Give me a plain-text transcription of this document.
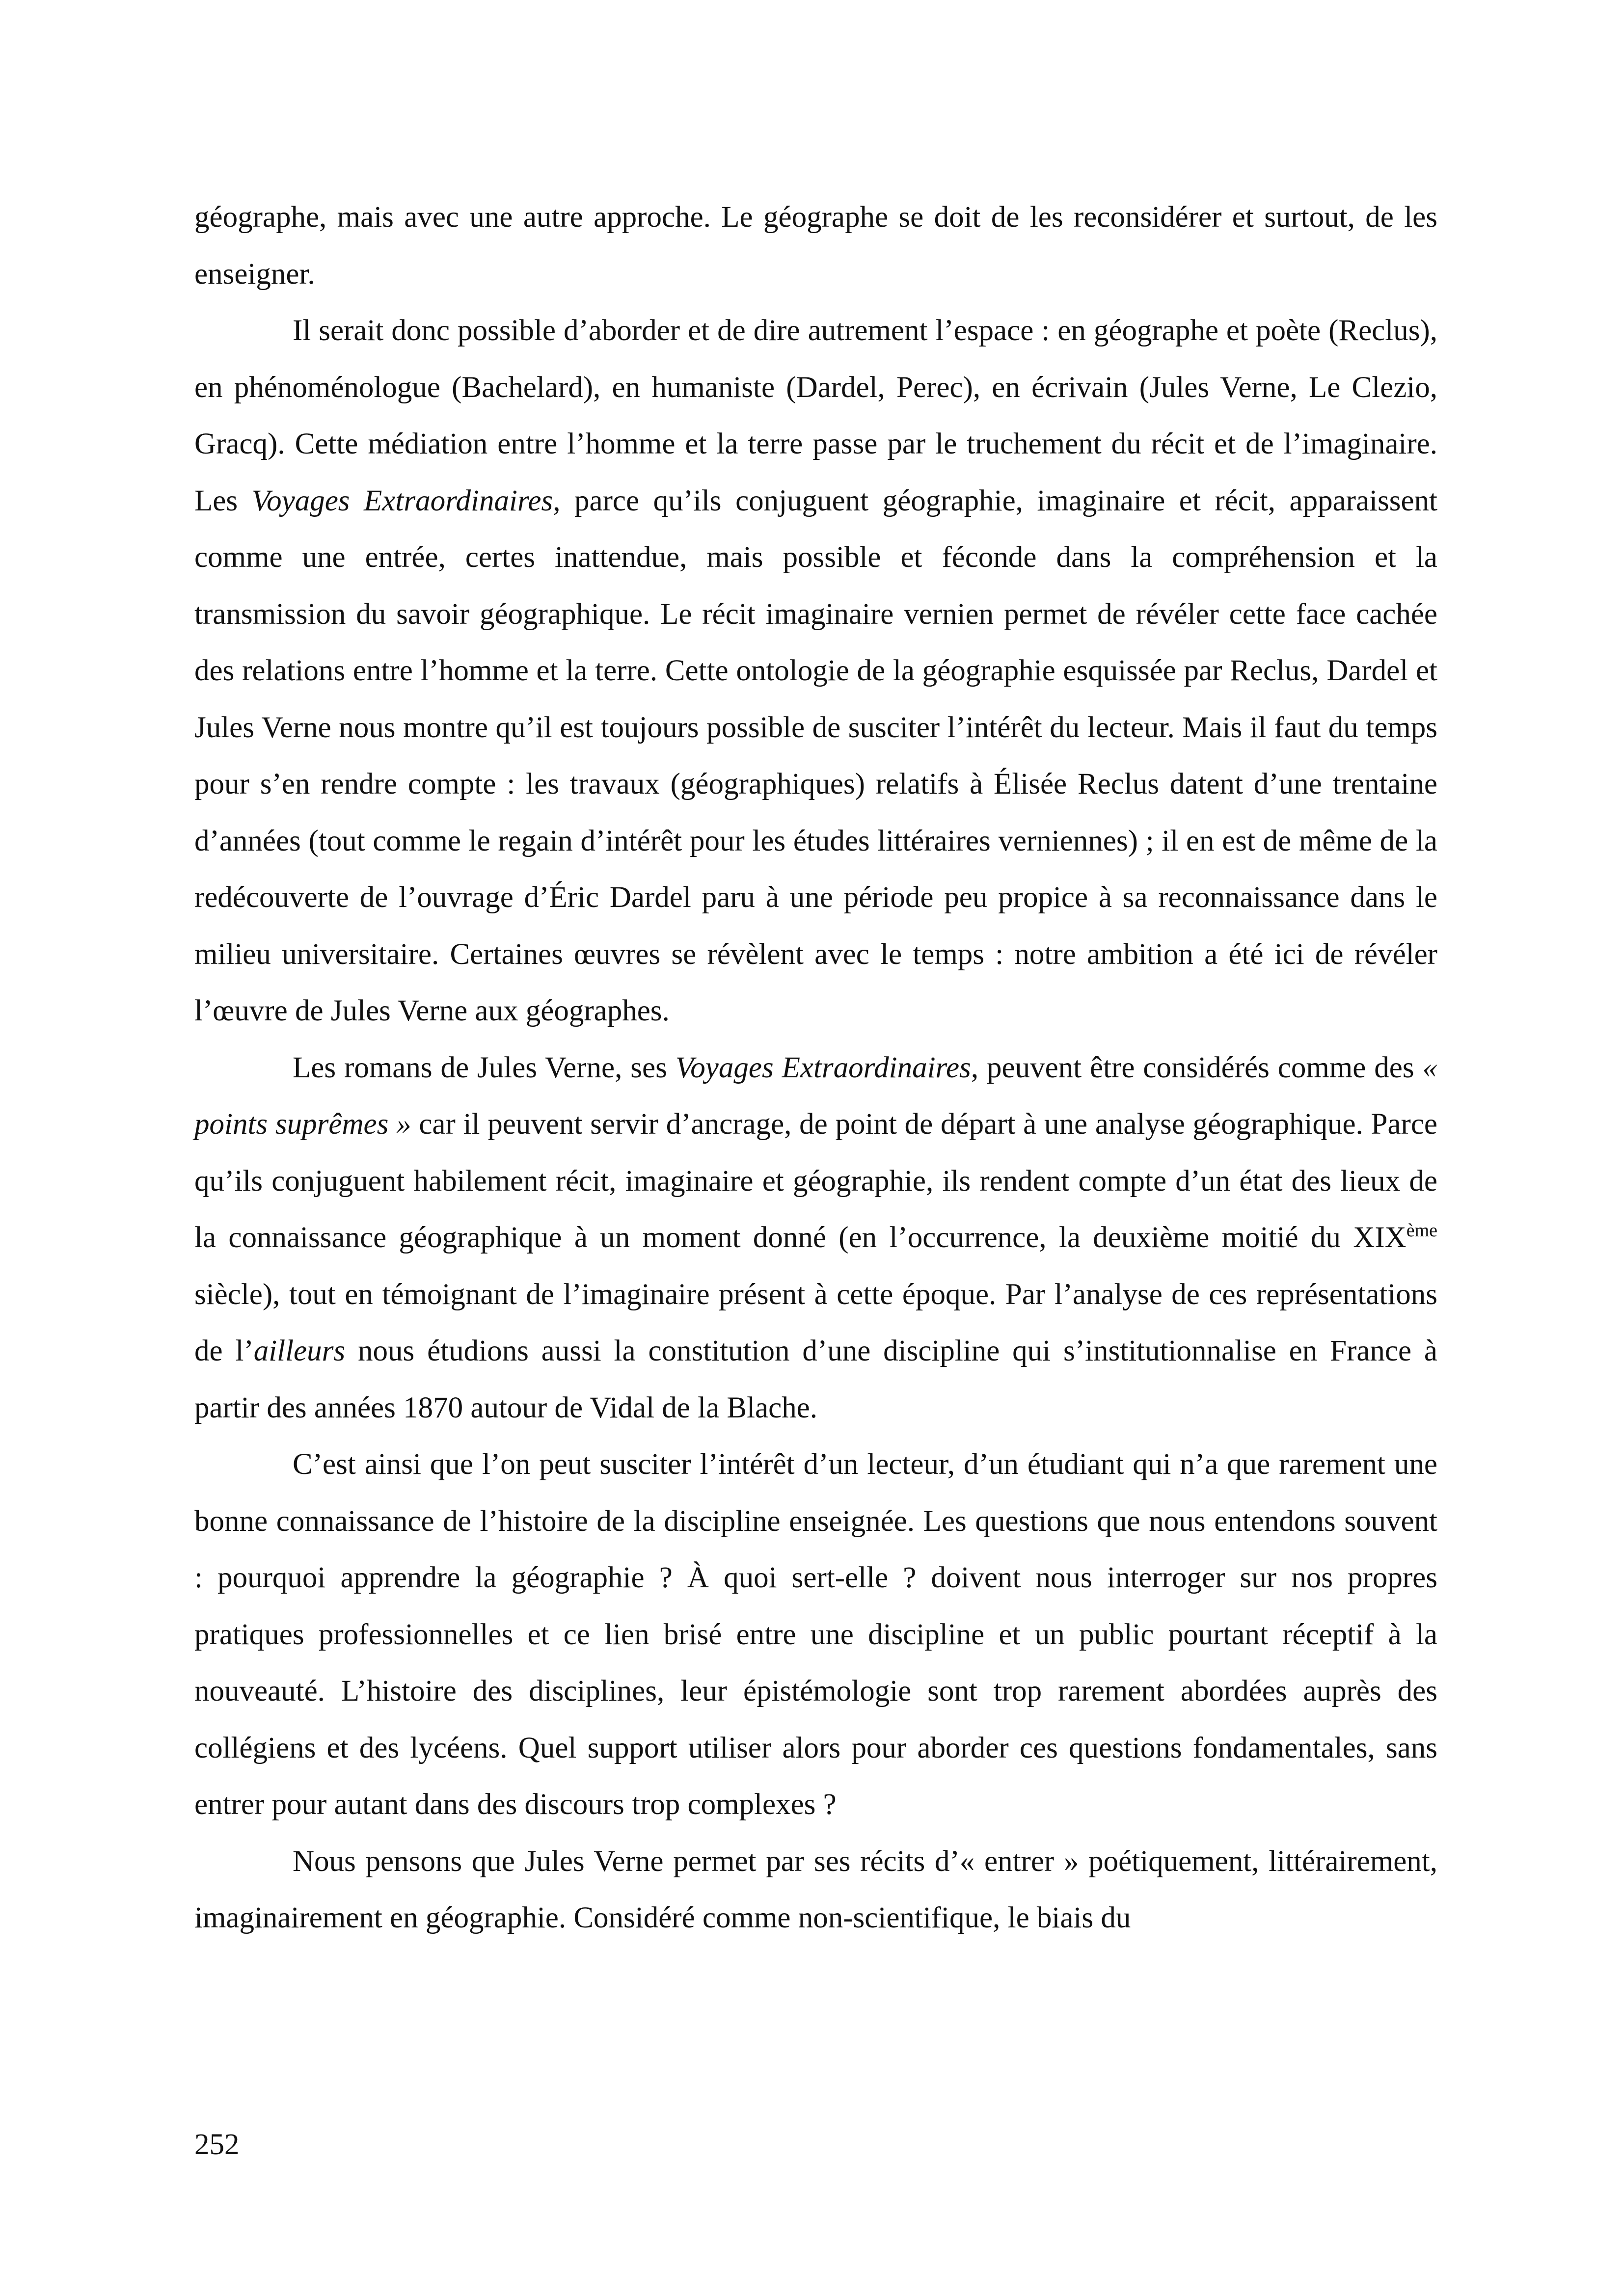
géographe, mais avec une autre approche. Le géographe se doit de les reconsidérer et surtout, de les enseigner.

Il serait donc possible d’aborder et de dire autrement l’espace : en géographe et poète (Reclus), en phénoménologue (Bachelard), en humaniste (Dardel, Perec), en écrivain (Jules Verne, Le Clezio, Gracq). Cette médiation entre l’homme et la terre passe par le truchement du récit et de l’imaginaire. Les Voyages Extraordinaires, parce qu’ils conjuguent géographie, imaginaire et récit, apparaissent comme une entrée, certes inattendue, mais possible et féconde dans la compréhension et la transmission du savoir géographique. Le récit imaginaire vernien permet de révéler cette face cachée des relations entre l’homme et la terre. Cette ontologie de la géographie esquissée par Reclus, Dardel et Jules Verne nous montre qu’il est toujours possible de susciter l’intérêt du lecteur. Mais il faut du temps pour s’en rendre compte : les travaux (géographiques) relatifs à Élisée Reclus datent d’une trentaine d’années (tout comme le regain d’intérêt pour les études littéraires verniennes) ; il en est de même de la redécouverte de l’ouvrage d’Éric Dardel paru à une période peu propice à sa reconnaissance dans le milieu universitaire. Certaines œuvres se révèlent avec le temps : notre ambition a été ici de révéler l’œuvre de Jules Verne aux géographes.

Les romans de Jules Verne, ses Voyages Extraordinaires, peuvent être considérés comme des « points suprêmes » car il peuvent servir d’ancrage, de point de départ à une analyse géographique. Parce qu’ils conjuguent habilement récit, imaginaire et géographie, ils rendent compte d’un état des lieux de la connaissance géographique à un moment donné (en l’occurrence, la deuxième moitié du XIXème siècle), tout en témoignant de l’imaginaire présent à cette époque. Par l’analyse de ces représentations de l’ailleurs nous étudions aussi la constitution d’une discipline qui s’institutionnalise en France à partir des années 1870 autour de Vidal de la Blache.

C’est ainsi que l’on peut susciter l’intérêt d’un lecteur, d’un étudiant qui n’a que rarement une bonne connaissance de l’histoire de la discipline enseignée. Les questions que nous entendons souvent : pourquoi apprendre la géographie ? À quoi sert-elle ? doivent nous interroger sur nos propres pratiques professionnelles et ce lien brisé entre une discipline et un public pourtant réceptif à la nouveauté. L’histoire des disciplines, leur épistémologie sont trop rarement abordées auprès des collégiens et des lycéens. Quel support utiliser alors pour aborder ces questions fondamentales, sans entrer pour autant dans des discours trop complexes ?

Nous pensons que Jules Verne permet par ses récits d’« entrer » poétiquement, littérairement, imaginairement en géographie. Considéré comme non-scientifique, le biais du

252
